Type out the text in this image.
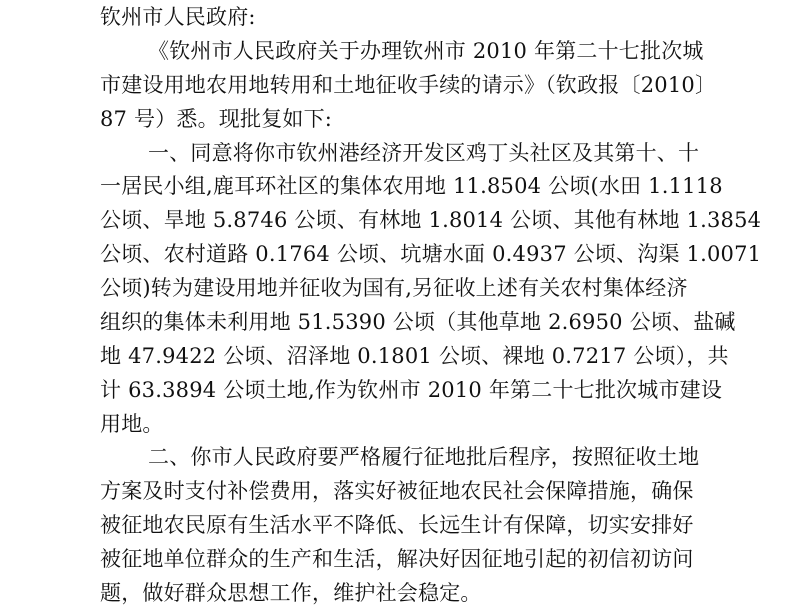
钦州市人民政府:
《钦州市人民政府关于办理钦州市 2010 年第二十七批次城
市建设用地农用地转用和土地征收手续的请示》（钦政报〔2010〕
87 号）悉。现批复如下:
一、同意将你市钦州港经济开发区鸡丁头社区及其第十、十
一居民小组,鹿耳环社区的集体农用地 11.8504 公顷(水田 1.1118
公顷、旱地 5.8746 公顷、有林地 1.8014 公顷、其他有林地 1.3854
公顷、农村道路 0.1764 公顷、坑塘水面 0.4937 公顷、沟渠 1.0071
公顷)转为建设用地并征收为国有,另征收上述有关农村集体经济
组织的集体未利用地 51.5390 公顷（其他草地 2.6950 公顷、盐碱
地 47.9422 公顷、沼泽地 0.1801 公顷、裸地 0.7217 公顷），共
计 63.3894 公顷土地,作为钦州市 2010 年第二十七批次城市建设
用地。
二、你市人民政府要严格履行征地批后程序，按照征收土地
方案及时支付补偿费用，落实好被征地农民社会保障措施，确保
被征地农民原有生活水平不降低、长远生计有保障，切实安排好
被征地单位群众的生产和生活，解决好因征地引起的初信初访问
题，做好群众思想工作，维护社会稳定。
